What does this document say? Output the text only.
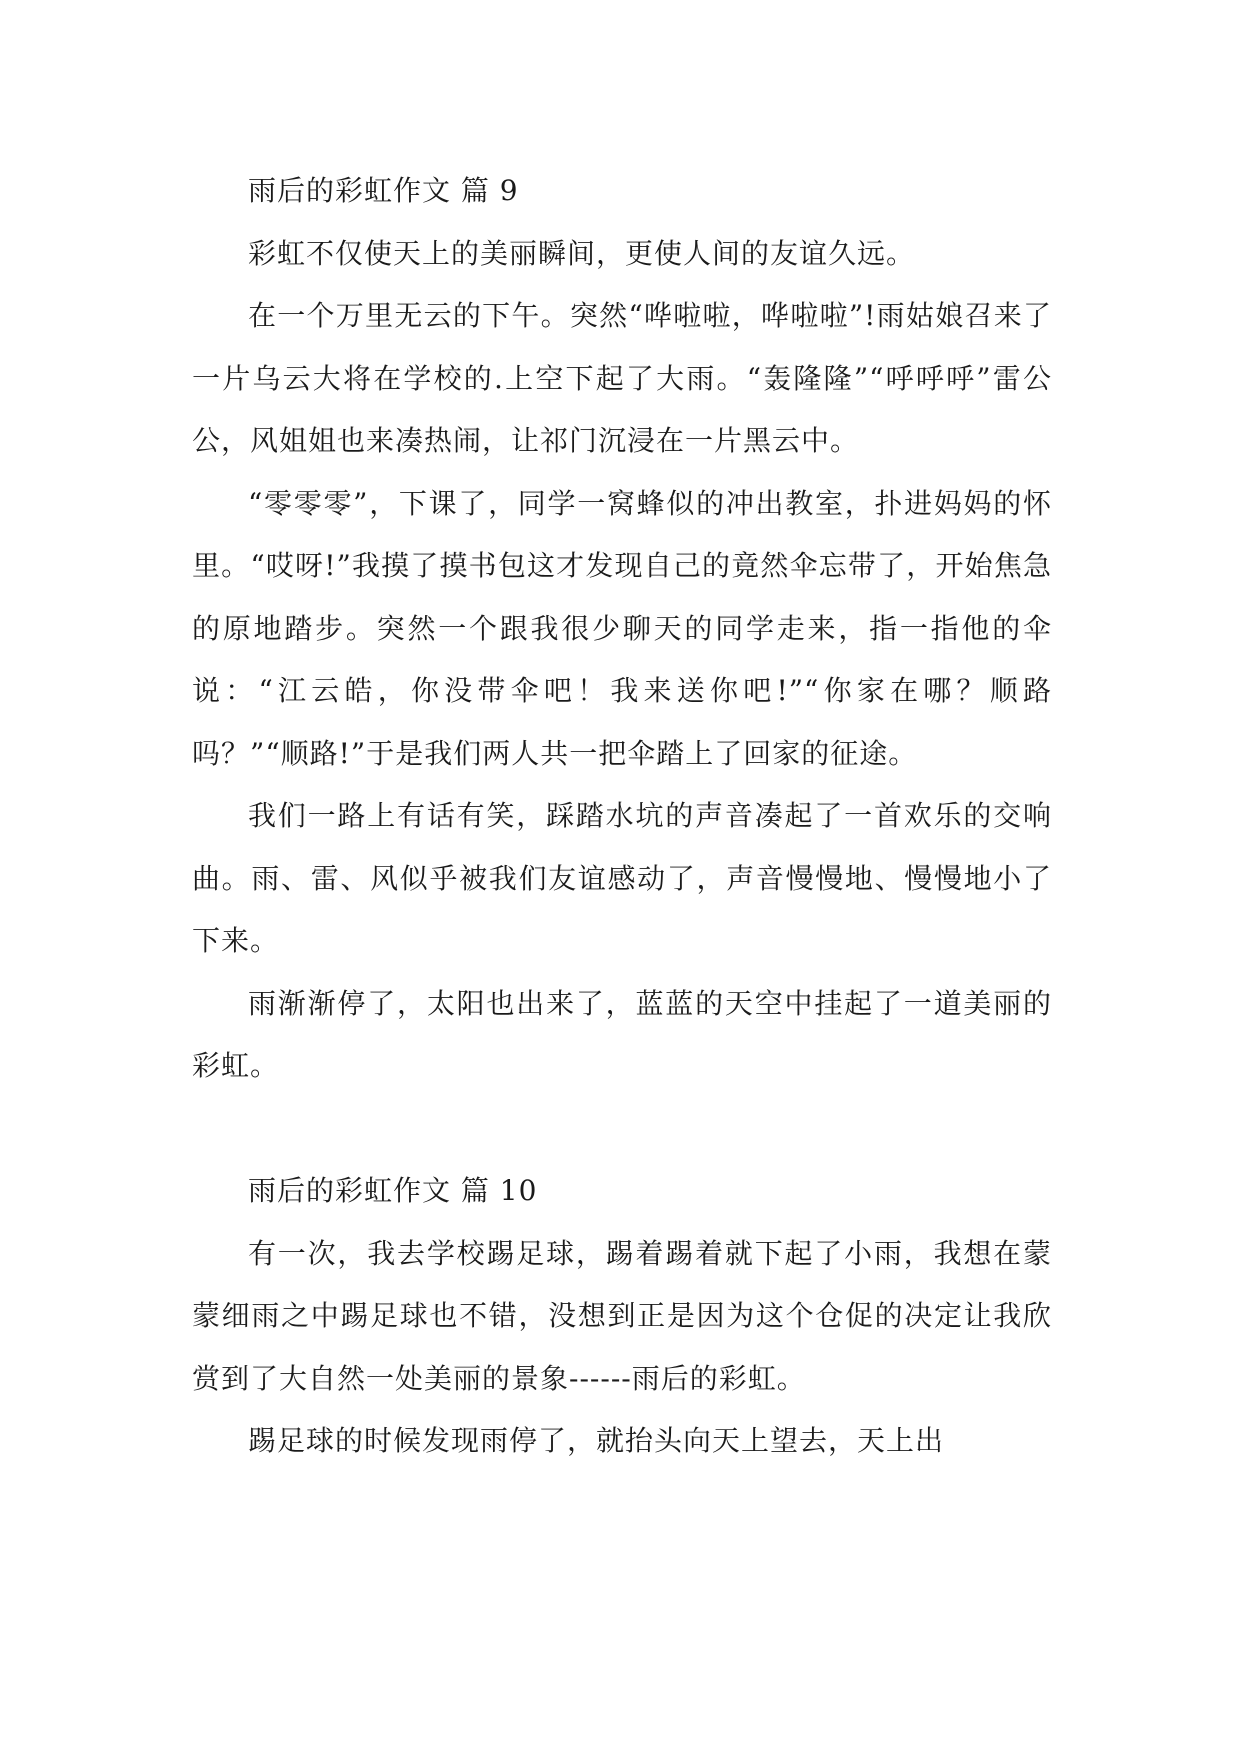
雨后的彩虹作文 篇 9

彩虹不仅使天上的美丽瞬间，更使人间的友谊久远。

在一个万里无云的下午。突然“哗啦啦，哗啦啦”!雨姑娘召来了一片乌云大将在学校的.上空下起了大雨。“轰隆隆”“呼呼呼”雷公公，风姐姐也来凑热闹，让祁门沉浸在一片黑云中。

“零零零”，下课了，同学一窝蜂似的冲出教室，扑进妈妈的怀里。“哎呀!”我摸了摸书包这才发现自己的竟然伞忘带了，开始焦急的原地踏步。突然一个跟我很少聊天的同学走来，指一指他的伞说：“江云皓，你没带伞吧！我来送你吧!”“你家在哪？顺路吗？”“顺路!”于是我们两人共一把伞踏上了回家的征途。

我们一路上有话有笑，踩踏水坑的声音凑起了一首欢乐的交响曲。雨、雷、风似乎被我们友谊感动了，声音慢慢地、慢慢地小了下来。

雨渐渐停了，太阳也出来了，蓝蓝的天空中挂起了一道美丽的彩虹。

雨后的彩虹作文 篇 10

有一次，我去学校踢足球，踢着踢着就下起了小雨，我想在蒙蒙细雨之中踢足球也不错，没想到正是因为这个仓促的决定让我欣赏到了大自然一处美丽的景象------雨后的彩虹。

踢足球的时候发现雨停了，就抬头向天上望去，天上出
